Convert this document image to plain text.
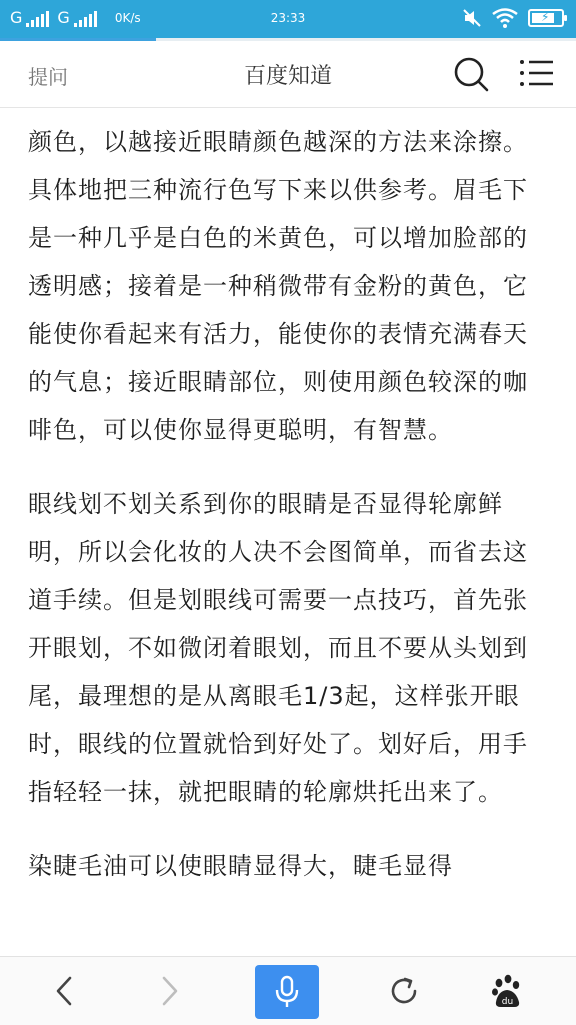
G G	0K/s	23:33	⚡
提问	百度知道

颜色，以越接近眼睛颜色越深的方法来涂擦。具体地把三种流行色写下来以供参考。眉毛下是一种几乎是白色的米黄色，可以增加脸部的透明感；接着是一种稍微带有金粉的黄色，它能使你看起来有活力，能使你的表情充满春天的气息；接近眼睛部位，则使用颜色较深的咖啡色，可以使你显得更聪明，有智慧。

眼线划不划关系到你的眼睛是否显得轮廓鲜明，所以会化妆的人决不会图简单，而省去这道手续。但是划眼线可需要一点技巧，首先张开眼划，不如微闭着眼划，而且不要从头划到尾，最理想的是从离眼毛1/3起，这样张开眼时，眼线的位置就恰到好处了。划好后，用手指轻轻一抹，就把眼睛的轮廓烘托出来了。

染睫毛油可以使眼睛显得大，睫毛显得

du
